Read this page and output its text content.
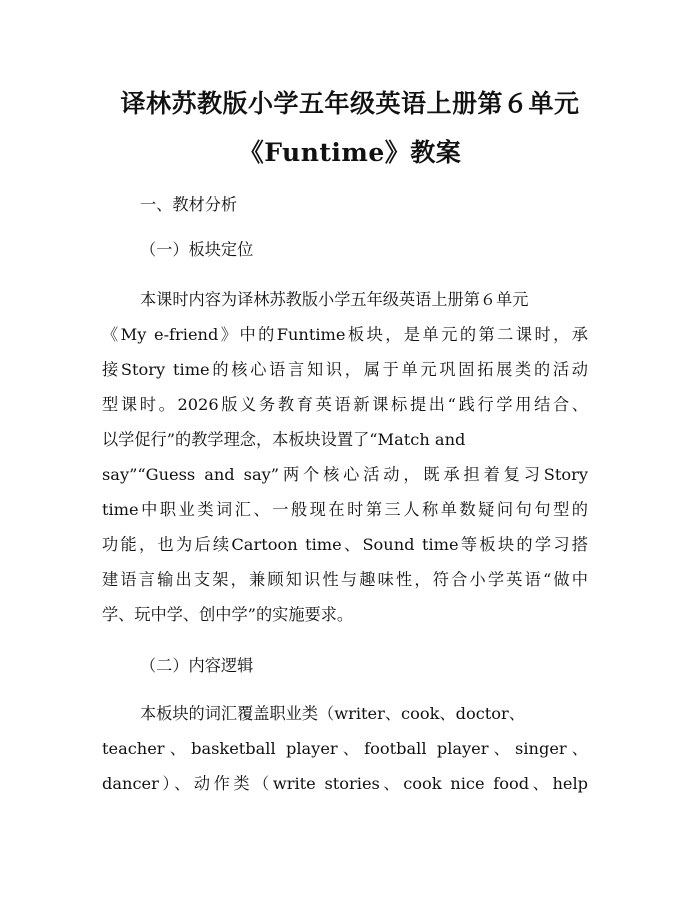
译林苏教版小学五年级英语上册第６单元
《Funtime》教案
一、教材分析
（一）板块定位
本课时内容为译林苏教版小学五年级英语上册第６单元
《My e-friend》中的Funtime板块，是单元的第二课时，承
接Story time的核心语言知识，属于单元巩固拓展类的活动
型课时。2026版义务教育英语新课标提出“践行学用结合、
以学促行”的教学理念，本板块设置了“Match and
say”“Guess and say”两个核心活动，既承担着复习Story
time中职业类词汇、一般现在时第三人称单数疑问句句型的
功能，也为后续Cartoon time、Sound time等板块的学习搭
建语言输出支架，兼顾知识性与趣味性，符合小学英语“做中
学、玩中学、创中学”的实施要求。
（二）内容逻辑
本板块的词汇覆盖职业类（writer、cook、doctor、
teacher、basketball player、football player、singer、
dancer）、动作类（write stories、cook nice food、help
